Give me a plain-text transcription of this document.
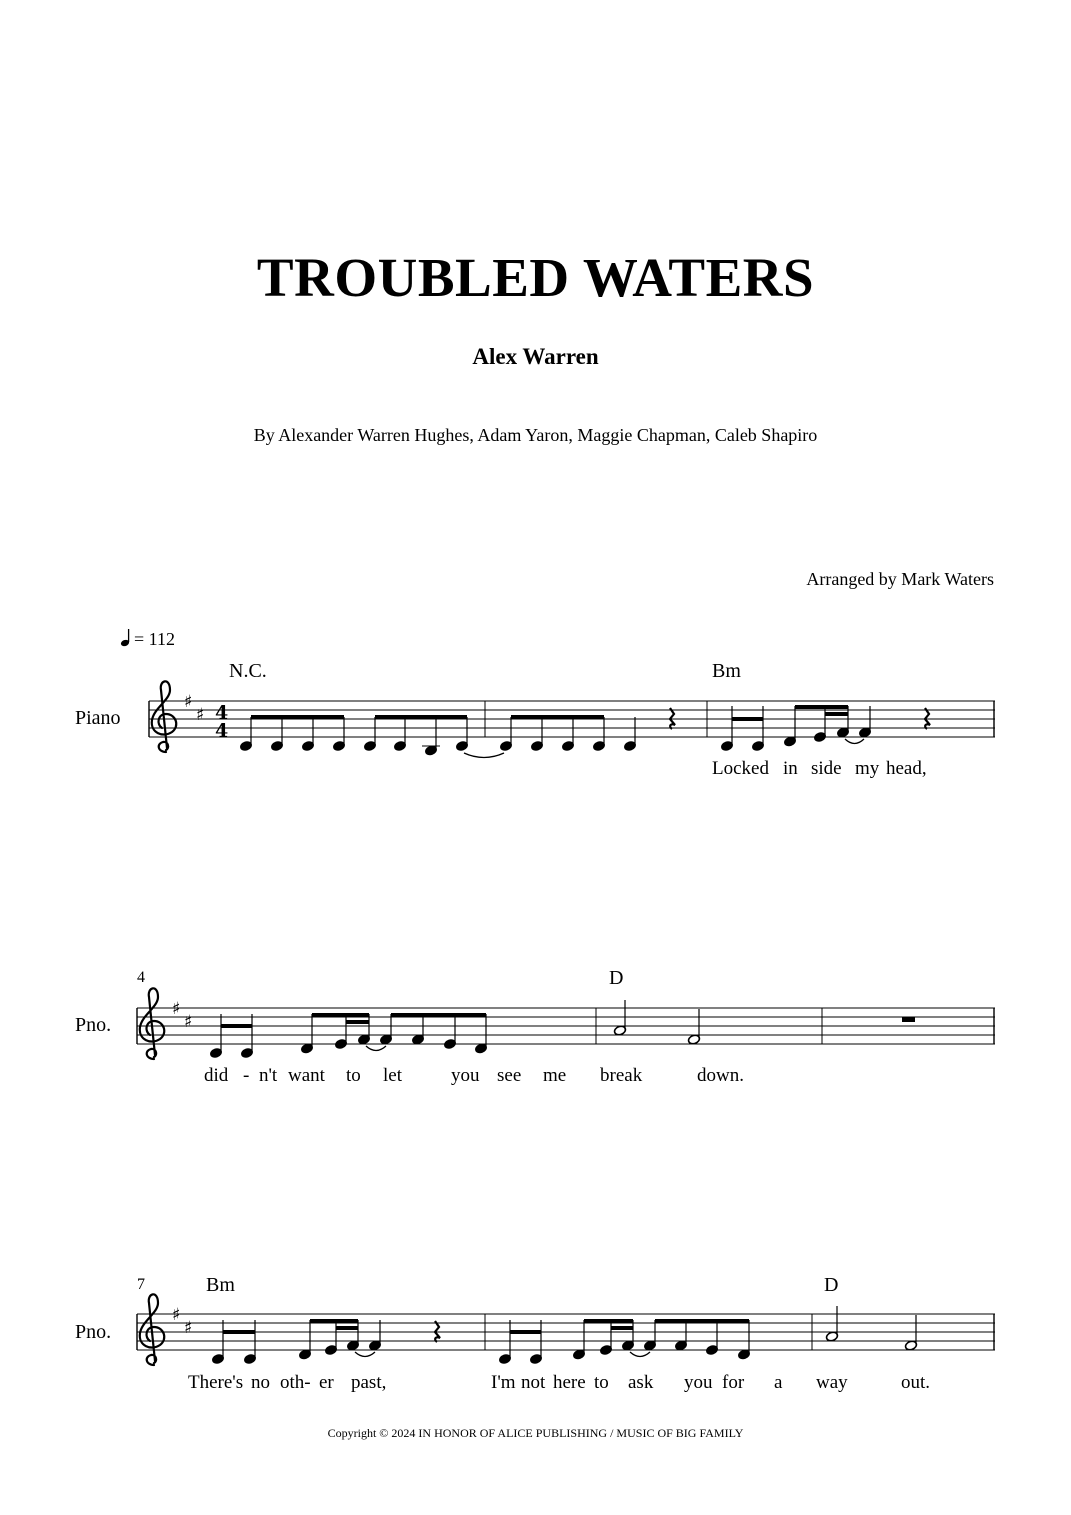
TROUBLED WATERS
Alex Warren
By Alexander Warren Hughes, Adam Yaron, Maggie Chapman, Caleb Shapiro
Arranged by Mark Waters
= 112
Piano
N.C.	Bm
♯
♯ 4
4
Locked in side my head,
4
Pno.
D
♯
♯
did - n't want to let	you see me break	down.
7
Pno.
Bm	D
♯
♯
There's no oth- er past,	I'm not here to ask you for a way	out.
Copyright © 2024 IN HONOR OF ALICE PUBLISHING / MUSIC OF BIG FAMILY
